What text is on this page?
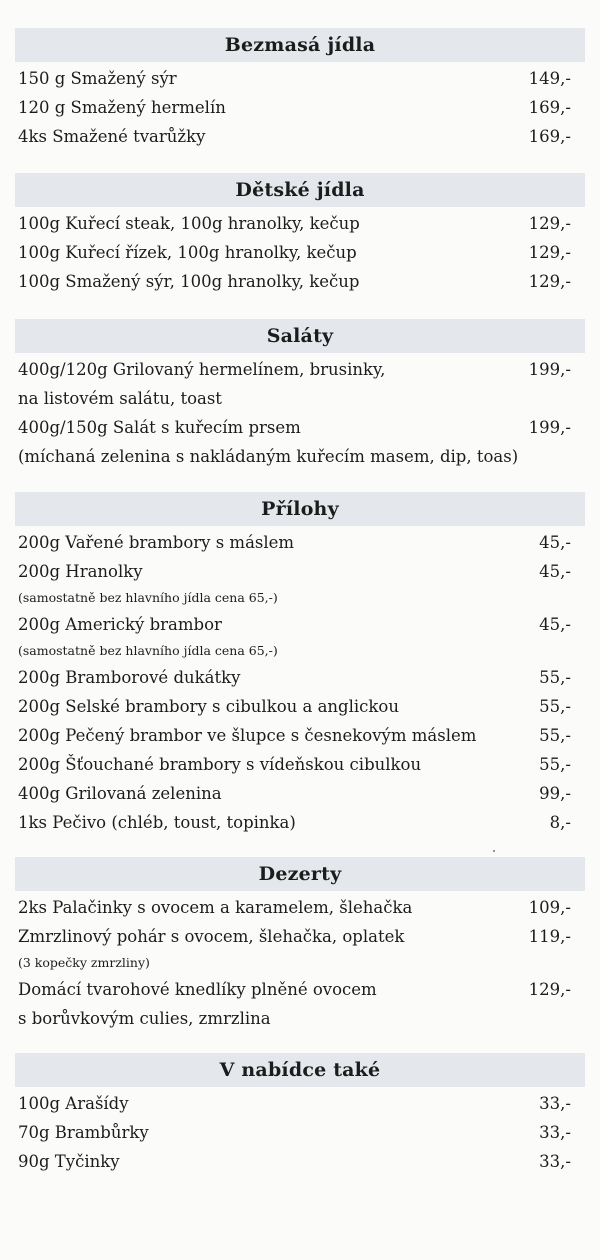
Bezmasá jídla
150 g Smažený sýr	149,-
120 g Smažený hermelín	169,-
4ks Smažené tvarůžky	169,-
Dětské jídla
100g Kuřecí steak, 100g hranolky, kečup	129,-
100g Kuřecí řízek, 100g hranolky, kečup	129,-
100g Smažený sýr, 100g hranolky, kečup	129,-
Saláty
400g/120g Grilovaný hermelínem, brusinky,	199,-
na listovém salátu, toast
400g/150g Salát s kuřecím prsem	199,-
(míchaná zelenina s nakládaným kuřecím masem, dip, toas)
Přílohy
200g Vařené brambory s máslem	45,-
200g Hranolky	45,-
(samostatně bez hlavního jídla cena 65,-)
200g Americký brambor	45,-
(samostatně bez hlavního jídla cena 65,-)
200g Bramborové dukátky	55,-
200g Selské brambory s cibulkou a anglickou	55,-
200g Pečený brambor ve šlupce s česnekovým máslem	55,-
200g Šťouchané brambory s vídeňskou cibulkou	55,-
400g Grilovaná zelenina	99,-
1ks Pečivo (chléb, toust, topinka)	8,-
Dezerty
2ks Palačinky s ovocem a karamelem, šlehačka	109,-
Zmrzlinový pohár s ovocem, šlehačka, oplatek	119,-
(3 kopečky zmrzliny)
Domácí tvarohové knedlíky plněné ovocem	129,-
s borůvkovým culies, zmrzlina
V nabídce také
100g Arašídy	33,-
70g Brambůrky	33,-
90g Tyčinky	33,-
